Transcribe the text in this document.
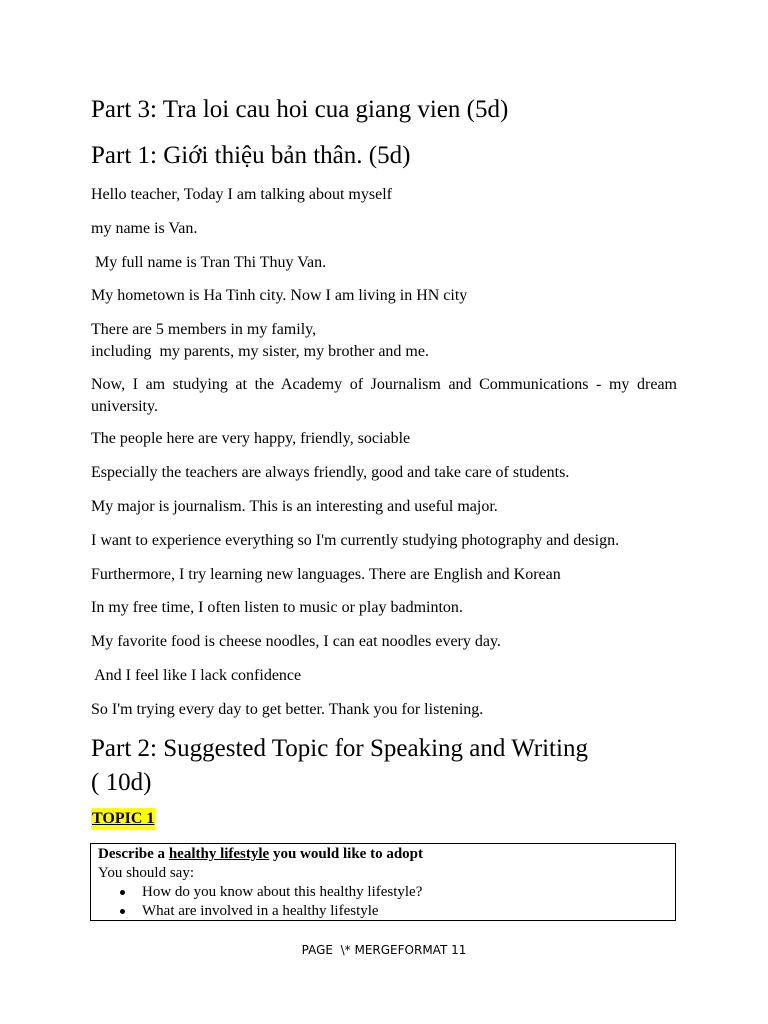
Part 3: Tra loi cau hoi cua giang vien (5d)
Part 1: Giới thiệu bản thân. (5d)

Hello teacher, Today I am talking about myself

my name is Van.

My full name is Tran Thi Thuy Van.

My hometown is Ha Tinh city. Now I am living in HN city

There are 5 members in my family,

including  my parents, my sister, my brother and me.

Now, I am studying at the Academy of Journalism and Communications - my dream university.

The people here are very happy, friendly, sociable

Especially the teachers are always friendly, good and take care of students.

My major is journalism. This is an interesting and useful major.

I want to experience everything so I'm currently studying photography and design.

Furthermore, I try learning new languages. There are English and Korean

In my free time, I often listen to music or play badminton.

My favorite food is cheese noodles, I can eat noodles every day.

And I feel like I lack confidence

So I'm trying every day to get better. Thank you for listening.

Part 2: Suggested Topic for Speaking and Writing
( 10d)
TOPIC 1
Describe a healthy lifestyle you would like to adopt
You should say:
How do you know about this healthy lifestyle?
What are involved in a healthy lifestyle
PAGE  \* MERGEFORMAT 11
